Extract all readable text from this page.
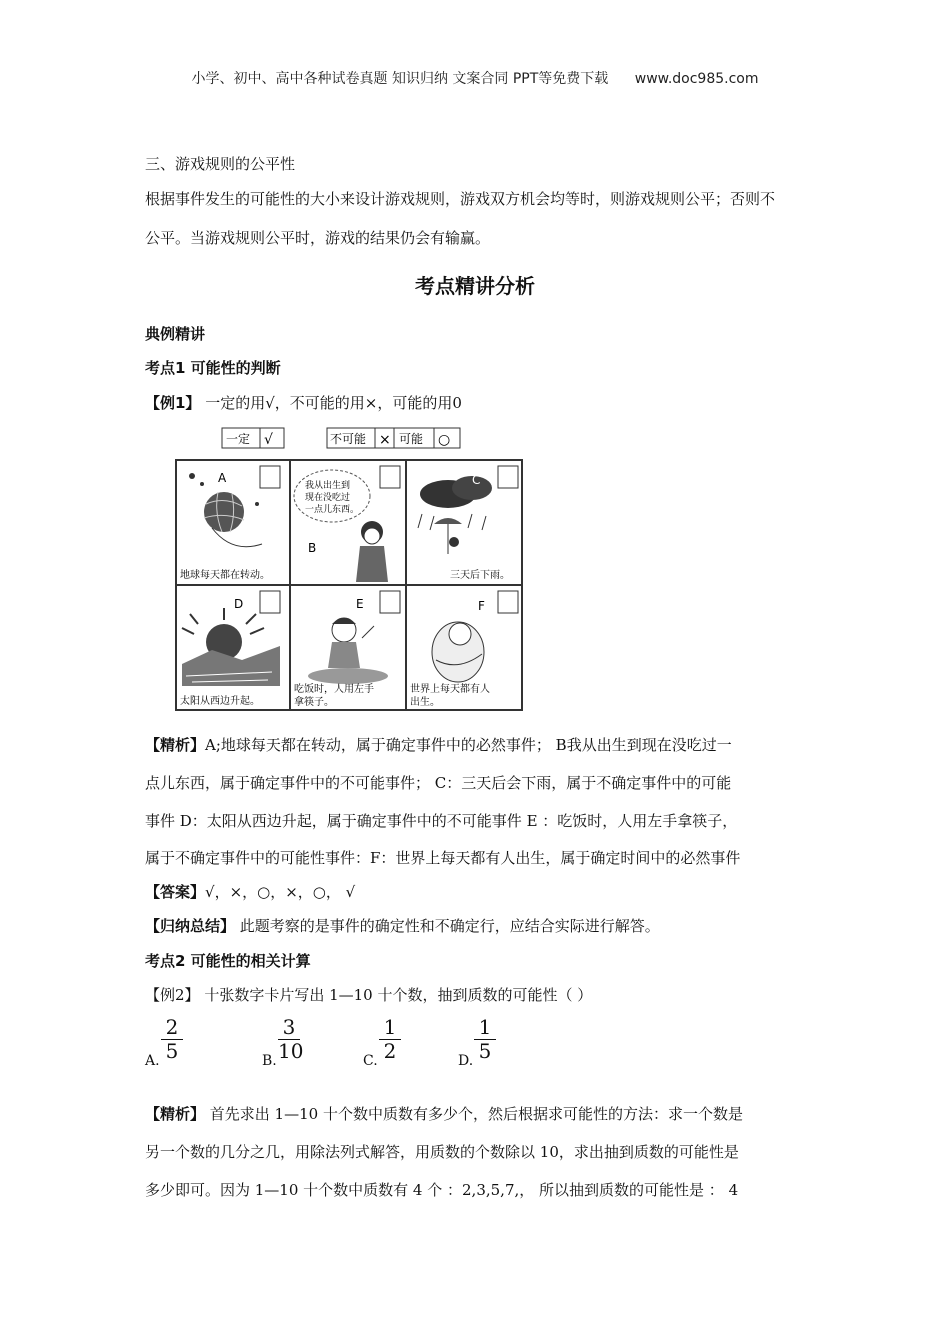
小学、初中、高中各种试卷真题 知识归纳 文案合同 PPT等免费下载 www.doc985.com
三、游戏规则的公平性
根据事件发生的可能性的大小来设计游戏规则，游戏双方机会均等时，则游戏规则公平；否则不
公平。当游戏规则公平时，游戏的结果仍会有输赢。
考点精讲分析
典例精讲
考点1 可能性的判断
【例1】 一定的用√，不可能的用×，可能的用0
一定 √	不可能 × 可能 ○
A
地球每天都在转动。
我从出生到
现在没吃过
一点儿东西。
B
C
三天后下雨。
D
太阳从西边升起。
E
吃饭时，人用左手
拿筷子。
F
世界上每天都有人
出生。
【精析】A;地球每天都在转动，属于确定事件中的必然事件； B我从出生到现在没吃过一
点儿东西，属于确定事件中的不可能事件； C：三天后会下雨，属于不确定事件中的可能
事件 D：太阳从西边升起，属于确定事件中的不可能事件 E ：吃饭时，人用左手拿筷子，
属于不确定事件中的可能性事件：F：世界上每天都有人出生，属于确定时间中的必然事件
【答案】√，×，○，×，○， √
【归纳总结】 此题考察的是事件的确定性和不确定行，应结合实际进行解答。
考点2 可能性的相关计算
【例2】 十张数字卡片写出 1—10 十个数，抽到质数的可能性（ ）
A.
2
5	B.
3
10	C.
1
2	D.
1
5
【精析】 首先求出 1—10 十个数中质数有多少个，然后根据求可能性的方法：求一个数是
另一个数的几分之几，用除法列式解答，用质数的个数除以 10，求出抽到质数的可能性是
多少即可。因为 1—10 十个数中质数有 4 个 ：2,3,5,7,， 所以抽到质数的可能性是 ： 4
